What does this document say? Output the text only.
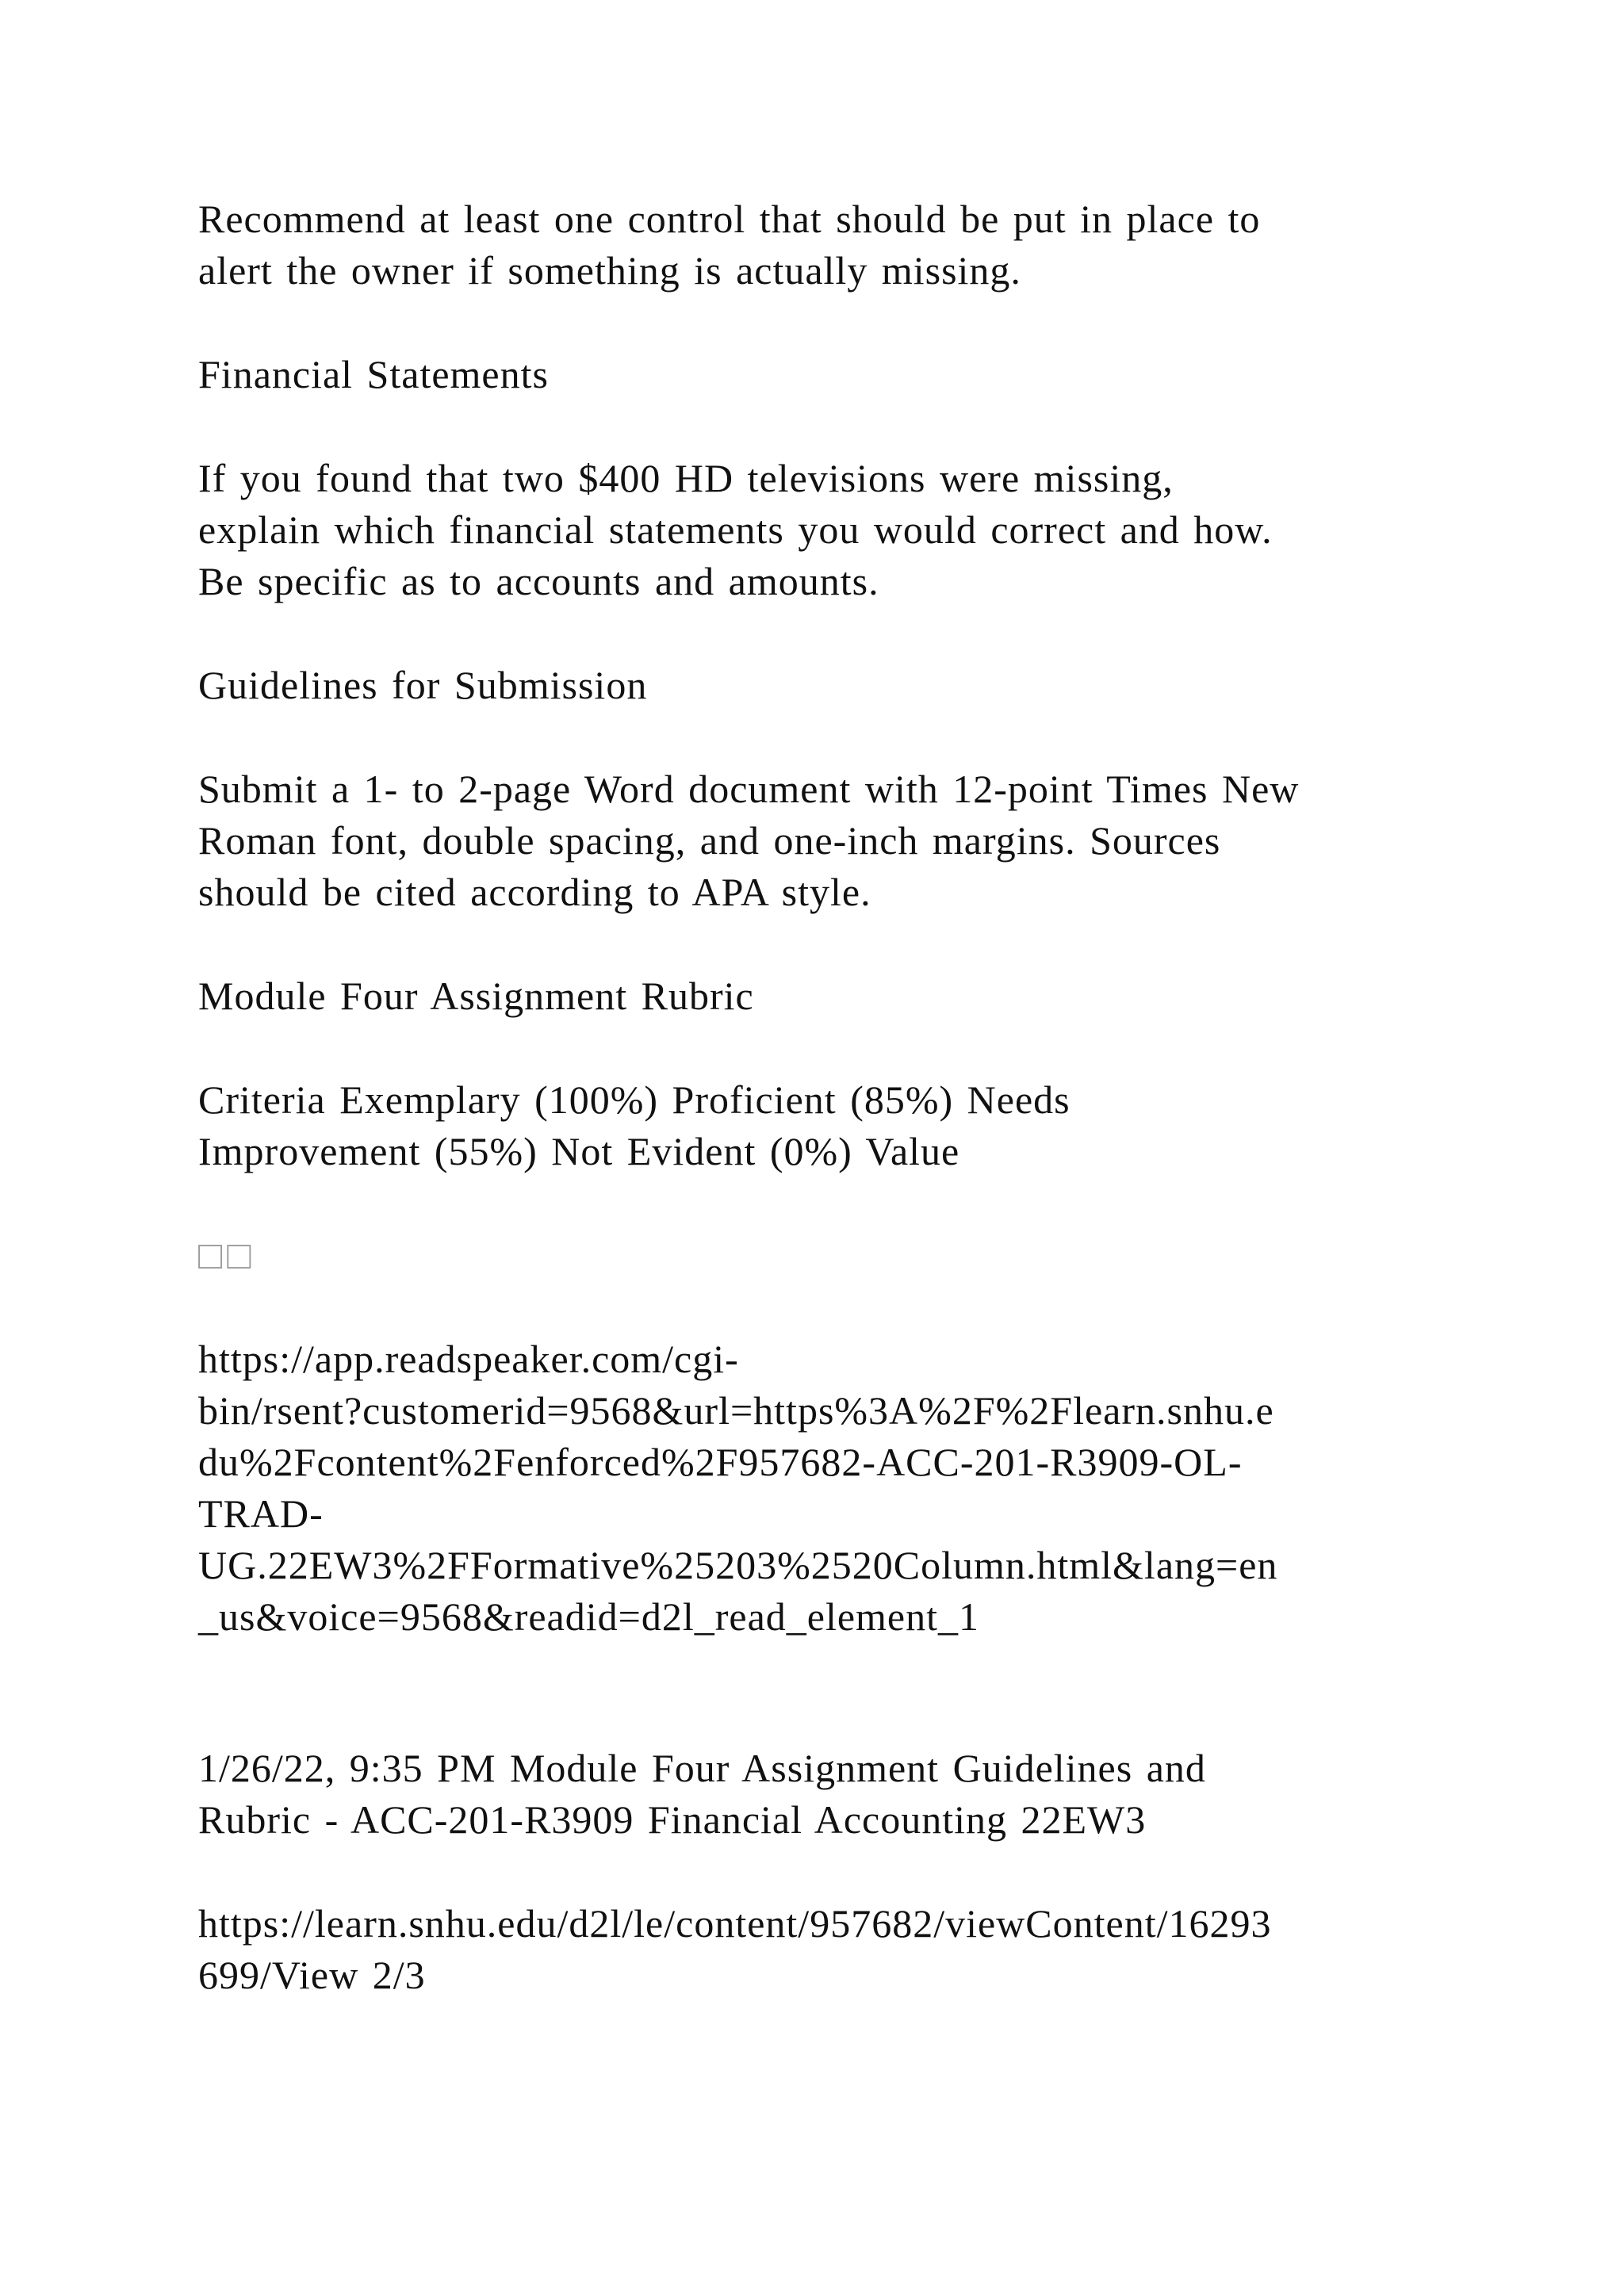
Recommend at least one control that should be put in place to
alert the owner if something is actually missing.

Financial Statements

If you found that two $400 HD televisions were missing,
explain which financial statements you would correct and how.
Be specific as to accounts and amounts.

Guidelines for Submission

Submit a 1- to 2-page Word document with 12-point Times New
Roman font, double spacing, and one-inch margins. Sources
should be cited according to APA style.

Module Four Assignment Rubric

Criteria Exemplary (100%) Proficient (85%) Needs
Improvement (55%) Not Evident (0%) Value

□□

https://app.readspeaker.com/cgi-
bin/rsent?customerid=9568&url=https%3A%2F%2Flearn.snhu.e
du%2Fcontent%2Fenforced%2F957682-ACC-201-R3909-OL-
TRAD-
UG.22EW3%2FFormative%25203%2520Column.html&lang=en
_us&voice=9568&readid=d2l_read_element_1

1/26/22, 9:35 PM Module Four Assignment Guidelines and
Rubric - ACC-201-R3909 Financial Accounting 22EW3

https://learn.snhu.edu/d2l/le/content/957682/viewContent/16293
699/View 2/3
